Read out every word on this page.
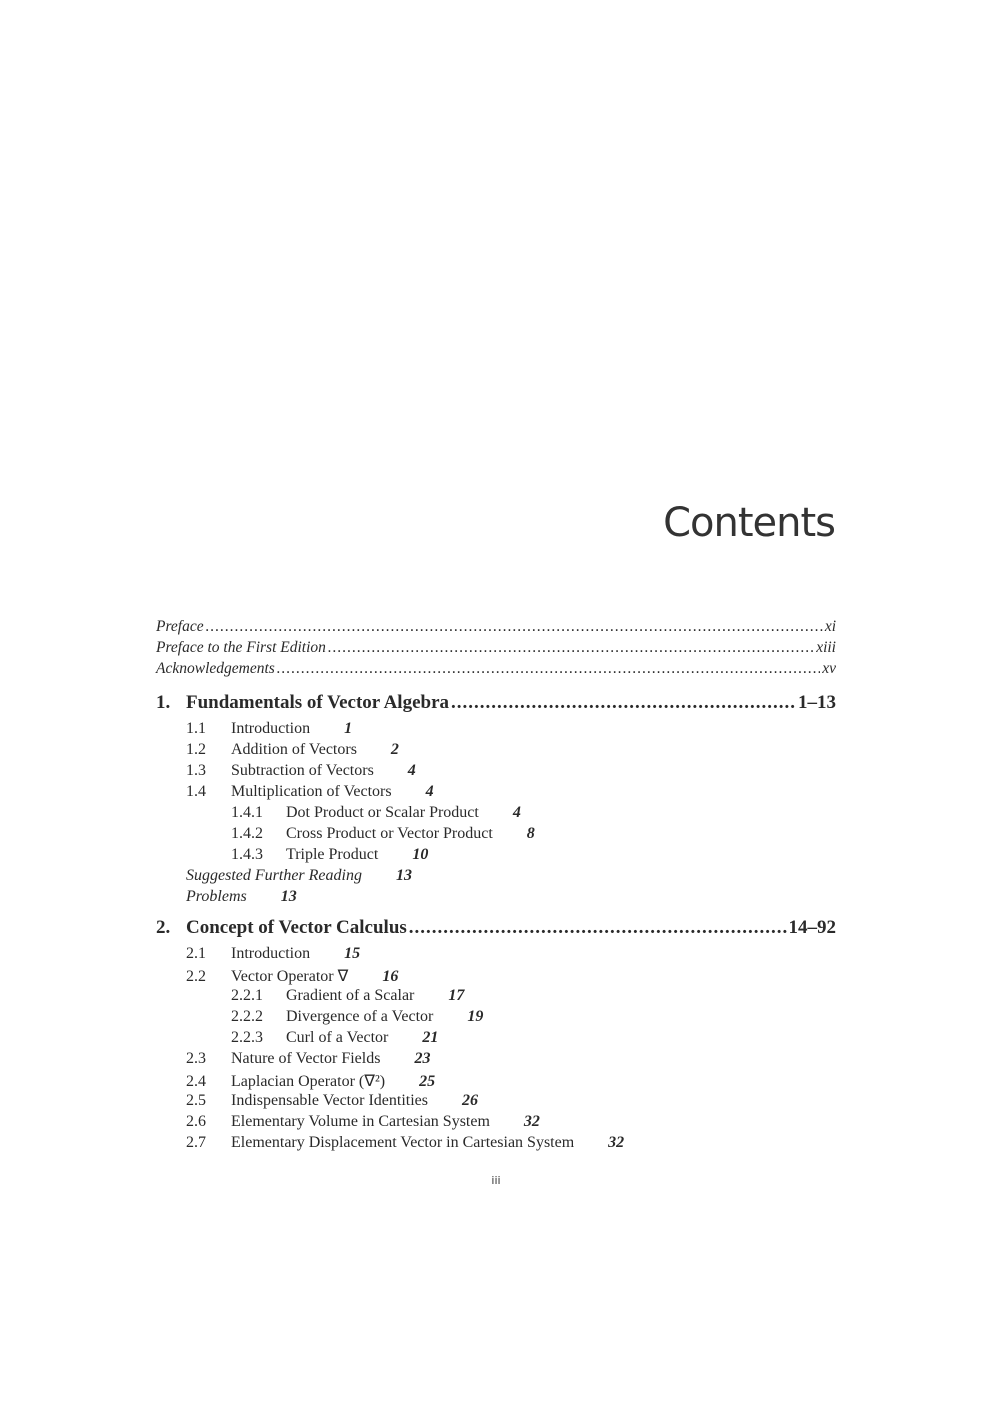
Contents
Preface .....	xi
Preface to the First Edition .....	xiii
Acknowledgements .....	xv
1. Fundamentals of Vector Algebra .....	1–13
1.1	Introduction 1
1.2	Addition of Vectors 2
1.3	Subtraction of Vectors 4
1.4	Multiplication of Vectors 4
1.4.1	Dot Product or Scalar Product 4
1.4.2	Cross Product or Vector Product 8
1.4.3	Triple Product 10
Suggested Further Reading 13
Problems 13
2. Concept of Vector Calculus .....	14–92
2.1	Introduction 15
2.2	Vector Operator ∇ 16
2.2.1	Gradient of a Scalar 17
2.2.2	Divergence of a Vector 19
2.2.3	Curl of a Vector 21
2.3	Nature of Vector Fields 23
2.4	Laplacian Operator (∇²) 25
2.5	Indispensable Vector Identities 26
2.6	Elementary Volume in Cartesian System 32
2.7	Elementary Displacement Vector in Cartesian System 32
iii
